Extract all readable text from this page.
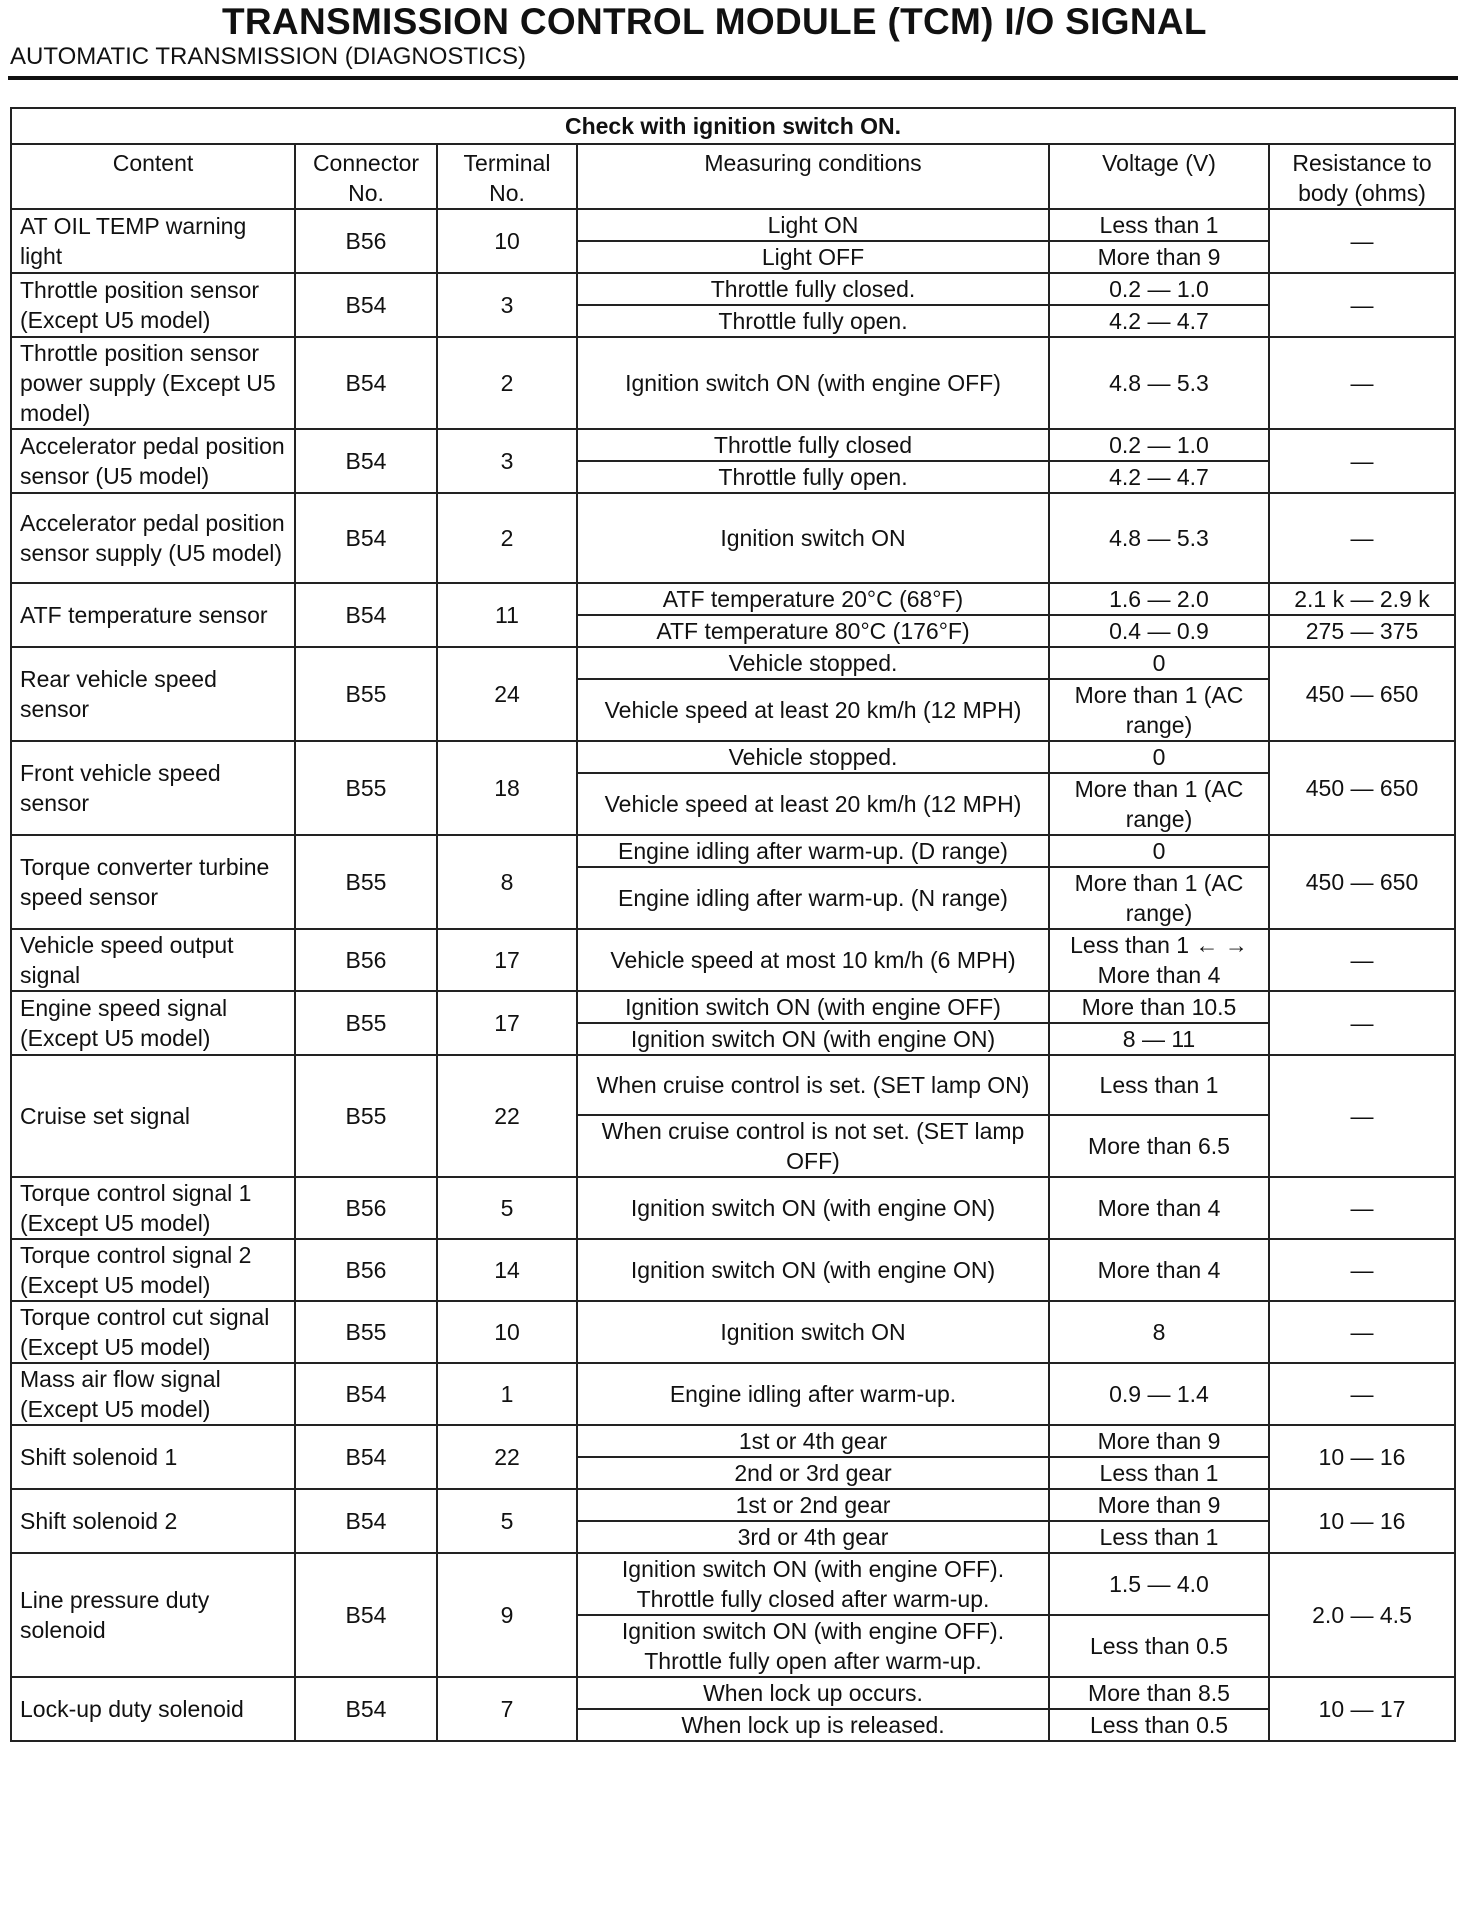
TRANSMISSION CONTROL MODULE (TCM) I/O SIGNAL
AUTOMATIC TRANSMISSION (DIAGNOSTICS)
Check with ignition switch ON.					
Content	Connector No.	Terminal No.	Measuring conditions	Voltage (V)	Resistance to body (ohms)
AT OIL TEMP warning light	B56	10	Light ON	Less than 1	—
			Light OFF	More than 9	
Throttle position sensor (Except U5 model)	B54	3	Throttle fully closed.	0.2 — 1.0	—
			Throttle fully open.	4.2 — 4.7	
Throttle position sensor power supply (Except U5 model)	B54	2	Ignition switch ON (with engine OFF)	4.8 — 5.3	—
Accelerator pedal position sensor (U5 model)	B54	3	Throttle fully closed	0.2 — 1.0	—
			Throttle fully open.	4.2 — 4.7	
Accelerator pedal position sensor supply (U5 model)	B54	2	Ignition switch ON	4.8 — 5.3	—
ATF temperature sensor	B54	11	ATF temperature 20°C (68°F)	1.6 — 2.0	2.1 k — 2.9 k
			ATF temperature 80°C (176°F)	0.4 — 0.9	275 — 375
Rear vehicle speed sensor	B55	24	Vehicle stopped.	0	450 — 650
			Vehicle speed at least 20 km/h (12 MPH)	More than 1 (AC range)	
Front vehicle speed sensor	B55	18	Vehicle stopped.	0	450 — 650
			Vehicle speed at least 20 km/h (12 MPH)	More than 1 (AC range)	
Torque converter turbine speed sensor	B55	8	Engine idling after warm-up. (D range)	0	450 — 650
			Engine idling after warm-up. (N range)	More than 1 (AC range)	
Vehicle speed output signal	B56	17	Vehicle speed at most 10 km/h (6 MPH)	Less than 1 ← → More than 4	—
Engine speed signal (Except U5 model)	B55	17	Ignition switch ON (with engine OFF)	More than 10.5	—
			Ignition switch ON (with engine ON)	8 — 11	
Cruise set signal	B55	22	When cruise control is set. (SET lamp ON)	Less than 1	—
			When cruise control is not set. (SET lamp OFF)	More than 6.5	
Torque control signal 1 (Except U5 model)	B56	5	Ignition switch ON (with engine ON)	More than 4	—
Torque control signal 2 (Except U5 model)	B56	14	Ignition switch ON (with engine ON)	More than 4	—
Torque control cut signal (Except U5 model)	B55	10	Ignition switch ON	8	—
Mass air flow signal (Except U5 model)	B54	1	Engine idling after warm-up.	0.9 — 1.4	—
Shift solenoid 1	B54	22	1st or 4th gear	More than 9	10 — 16
			2nd or 3rd gear	Less than 1	
Shift solenoid 2	B54	5	1st or 2nd gear	More than 9	10 — 16
			3rd or 4th gear	Less than 1	
Line pressure duty solenoid	B54	9	Ignition switch ON (with engine OFF). Throttle fully closed after warm-up.	1.5 — 4.0	2.0 — 4.5
			Ignition switch ON (with engine OFF). Throttle fully open after warm-up.	Less than 0.5	
Lock-up duty solenoid	B54	7	When lock up occurs.	More than 8.5	10 — 17
			When lock up is released.	Less than 0.5	
